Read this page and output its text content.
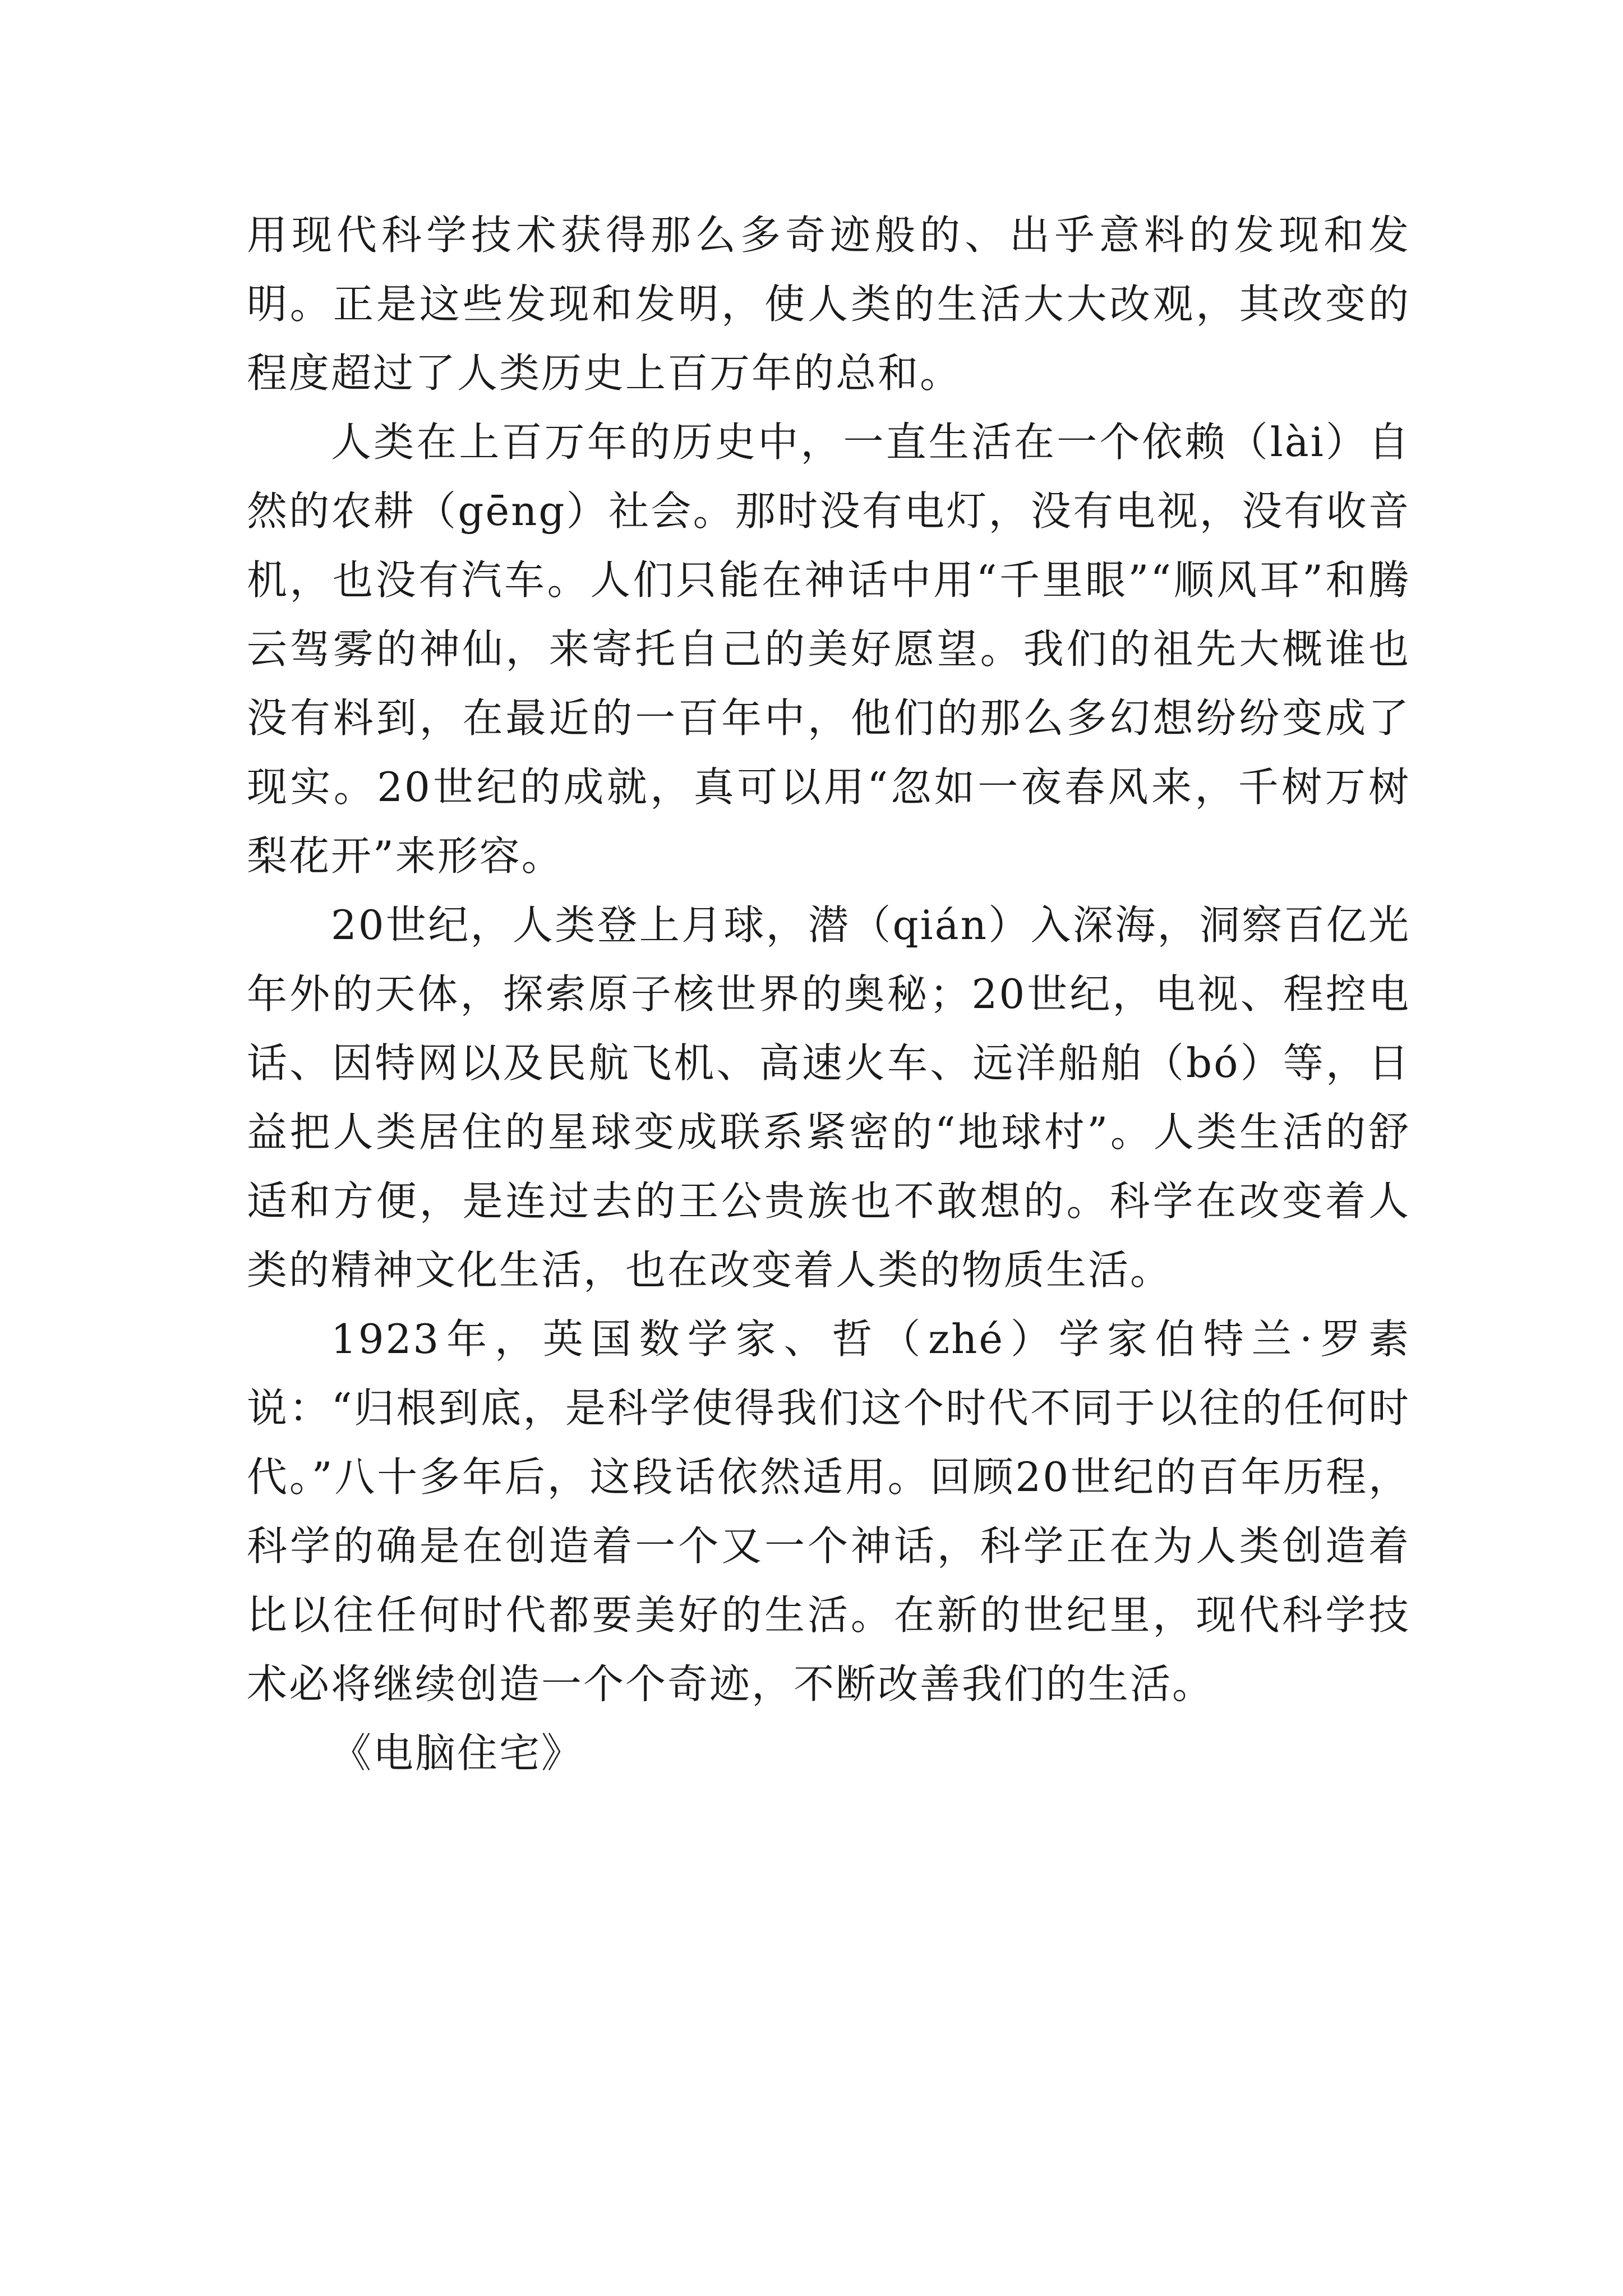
用现代科学技术获得那么多奇迹般的、出乎意料的发现和发明。正是这些发现和发明，使人类的生活大大改观，其改变的程度超过了人类历史上百万年的总和。

人类在上百万年的历史中，一直生活在一个依赖（lài）自然的农耕（gēng）社会。那时没有电灯，没有电视，没有收音机，也没有汽车。人们只能在神话中用“千里眼”“顺风耳”和腾云驾雾的神仙，来寄托自己的美好愿望。我们的祖先大概谁也没有料到，在最近的一百年中，他们的那么多幻想纷纷变成了现实。20世纪的成就，真可以用“忽如一夜春风来，千树万树梨花开”来形容。

20世纪，人类登上月球，潜（qián）入深海，洞察百亿光年外的天体，探索原子核世界的奥秘；20世纪，电视、程控电话、因特网以及民航飞机、高速火车、远洋船舶（bó）等，日益把人类居住的星球变成联系紧密的“地球村”。人类生活的舒适和方便，是连过去的王公贵族也不敢想的。科学在改变着人类的精神文化生活，也在改变着人类的物质生活。

1923年，英国数学家、哲（zhé）学家伯特兰·罗素说：“归根到底，是科学使得我们这个时代不同于以往的任何时代。”八十多年后，这段话依然适用。回顾20世纪的百年历程，科学的确是在创造着一个又一个神话，科学正在为人类创造着比以往任何时代都要美好的生活。在新的世纪里，现代科学技术必将继续创造一个个奇迹，不断改善我们的生活。

《电脑住宅》
